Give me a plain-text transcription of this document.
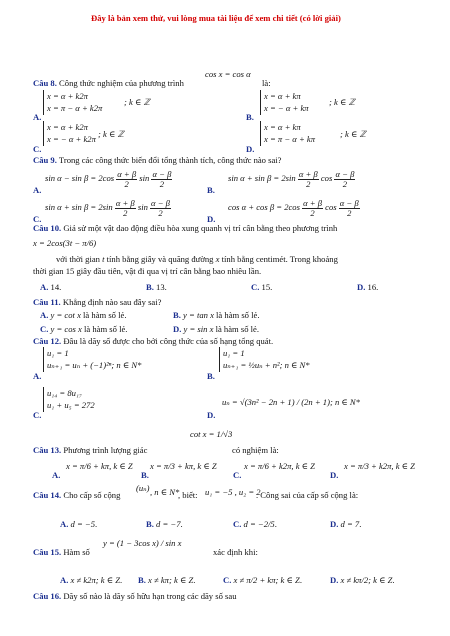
Đây là bản xem thử, vui lòng mua tài liệu để xem chi tiết (có lời giải)
Câu 8. Công thức nghiệm của phương trình
cos x = cos α
là:
A.
x = α + k2π
x = π − α + k2π
; k ∈ ℤ
B.
x = α + kπ
x = − α + kπ
; k ∈ ℤ
C.
x = α + k2π
x = − α + k2π
; k ∈ ℤ
D.
x = α + kπ
x = π − α + kπ
; k ∈ ℤ
Câu 9. Trong các công thức biến đổi tổng thành tích, công thức nào sai?
A.
$\sin \alpha - \sin \beta = 2\cos \frac{\alpha + \beta}{2}$ $\sin \frac{\alpha - \beta}{2}$
B.
$\sin \alpha + \sin \beta = 2\sin \frac{\alpha + \beta}{2}$ $\cos \frac{\alpha - \beta}{2}$
C.
$\sin \alpha + \sin \beta = 2\sin \frac{\alpha + \beta}{2}$ $\sin \frac{\alpha - \beta}{2}$
D.
$\cos \alpha + \cos \beta = 2\cos \frac{\alpha + \beta}{2}$ $\cos \frac{\alpha - \beta}{2}$
Câu 10. Giả sử một vật dao động điều hòa xung quanh vị trí cân bằng theo phương trình
x = 2cos(3t − π/6)
với thời gian t tính bằng giây và quãng đường x tính bằng centimét. Trong khoảng
thời gian 15 giây đầu tiên, vật đi qua vị trí cân bằng bao nhiêu lần.
A. 14.	B. 13.	C. 15.	D. 16.
Câu 11. Khẳng định nào sau đây sai?
A. y = cot x là hàm số lẻ.	B. y = tan x là hàm số lẻ.
C. y = cos x là hàm số lẻ.	D. y = sin x là hàm số lẻ.
Câu 12. Đâu là dãy số được cho bởi công thức của số hạng tổng quát.
A.
u₁ = 1
uₙ₊₁ = uₙ + (−1)²ⁿ; n ∈ N*
B.
u₁ = 1
uₙ₊₁ = ½uₙ + n²; n ∈ N*
C.
u₁₄ = 8u₁₇
u₁ + u₅ = 272
D.
uₙ = √(3n² − 2n + 1) / (2n + 1); n ∈ N*
cot x = 1/√3
Câu 13. Phương trình lượng giác	có nghiệm là:
A.
x = π/6 + kπ, k ∈ Z
B.
x = π/3 + kπ, k ∈ Z
C.
x = π/6 + k2π, k ∈ Z
D.
x = π/3 + k2π, k ∈ Z
Câu 14. Cho cấp số cộng
(uₙ) , n ∈ N*
, biết: u₁ = −5 , u₂ = 2
. Công sai của cấp số cộng là:
A. d = −5.	B. d = −7.	C. d = −2/5.	D. d = 7.
Câu 15. Hàm số
y = (1 − 3cos x) / sin x
xác định khi:
A. x ≠ k2π; k ∈ Z. B. x ≠ kπ; k ∈ Z.	C. x ≠ π/2 + kπ; k ∈ Z.	D. x ≠ kπ/2; k ∈ Z.
Câu 16. Dãy số nào là dãy số hữu hạn trong các dãy số sau
